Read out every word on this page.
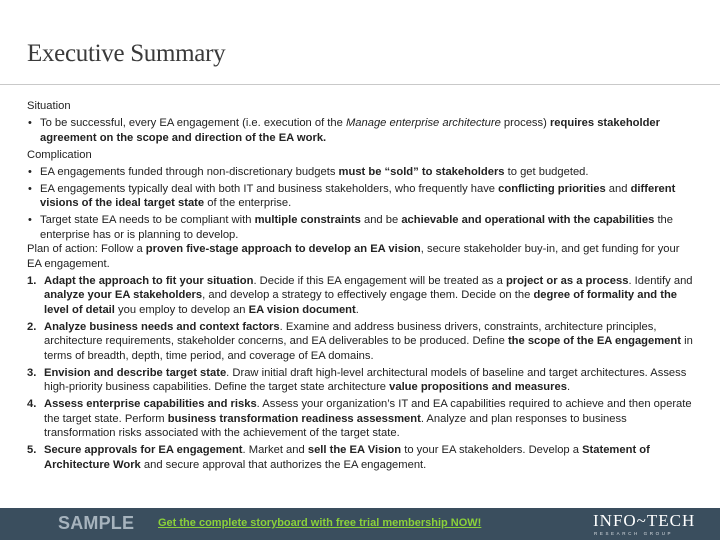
Executive Summary

Situation

• To be successful, every EA engagement (i.e. execution of the Manage enterprise architecture process) requires stakeholder agreement on the scope and direction of the EA work.

Complication

• EA engagements funded through non-discretionary budgets must be “sold” to stakeholders to get budgeted.

• EA engagements typically deal with both IT and business stakeholders, who frequently have conflicting priorities and different visions of the ideal target state of the enterprise.

• Target state EA needs to be compliant with multiple constraints and be achievable and operational with the capabilities the enterprise has or is planning to develop.

Plan of action: Follow a proven five-stage approach to develop an EA vision, secure stakeholder buy-in, and get funding for your EA engagement.

1. Adapt the approach to fit your situation. Decide if this EA engagement will be treated as a project or as a process. Identify and analyze your EA stakeholders, and develop a strategy to effectively engage them. Decide on the degree of formality and the level of detail you employ to develop an EA vision document.

2. Analyze business needs and context factors. Examine and address business drivers, constraints, architecture principles, architecture requirements, stakeholder concerns, and EA deliverables to be produced. Define the scope of the EA engagement in terms of breadth, depth, time period, and coverage of EA domains.

3. Envision and describe target state. Draw initial draft high-level architectural models of baseline and target architectures. Assess high-priority business capabilities. Define the target state architecture value propositions and measures.

4. Assess enterprise capabilities and risks. Assess your organization’s IT and EA capabilities required to achieve and then operate the target state. Perform business transformation readiness assessment. Analyze and plan responses to business transformation risks associated with the achievement of the target state.

5. Secure approvals for EA engagement. Market and sell the EA Vision to your EA stakeholders. Develop a Statement of Architecture Work and secure approval that authorizes the EA engagement.

SAMPLE Get the complete storyboard with free trial membership NOW!	INFO~TECH
RESEARCH GROUP
